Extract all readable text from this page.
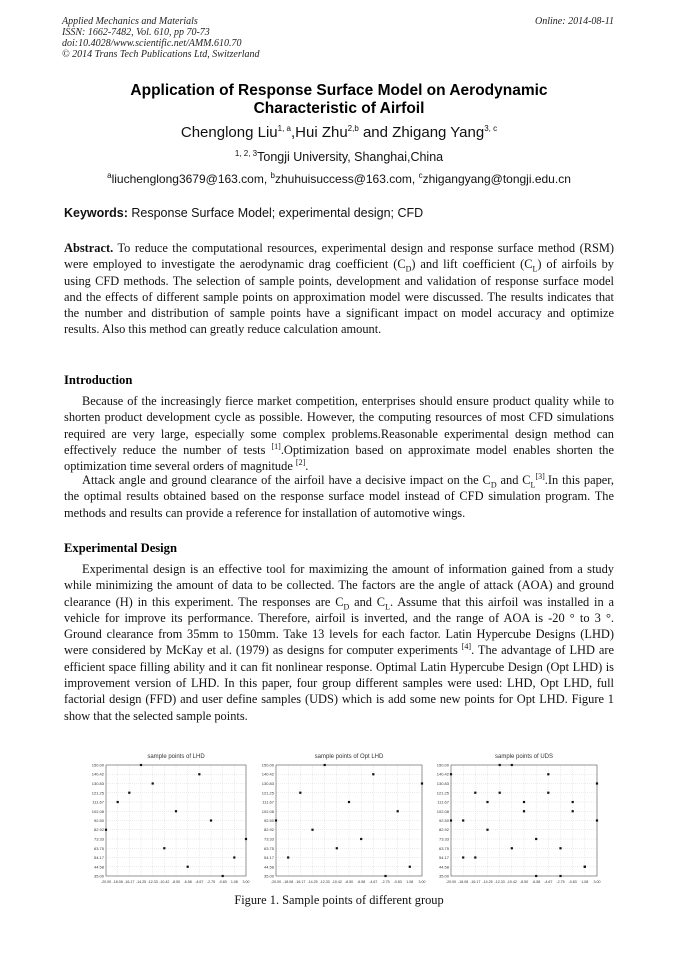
Applied Mechanics and Materials
ISSN: 1662-7482, Vol. 610, pp 70-73
doi:10.4028/www.scientific.net/AMM.610.70
© 2014 Trans Tech Publications Ltd, Switzerland
Online: 2014-08-11
Application of Response Surface Model on Aerodynamic
Characteristic of Airfoil
Chenglong Liu$^{1, a}$,Hui Zhu$^{2,b}$ and Zhigang Yang$^{3, c}$
$^{1, 2, 3}$Tongji University, Shanghai,China
$^a$liuchenglong3679@163.com, $^b$zhuhuisuccess@163.com, $^c$zhigangyang@tongji.edu.cn
Keywords: Response Surface Model; experimental design; CFD

Abstract. To reduce the computational resources, experimental design and response surface method (RSM) were employed to investigate the aerodynamic drag coefficient $(C_D)$ and lift coefficient $(C_L)$ of airfoils by using CFD methods. The selection of sample points, development and validation of response surface model and the effects of different sample points on approximation model were discussed. The results indicates that the number and distribution of sample points have a significant impact on model accuracy and optimize results. Also this method can greatly reduce calculation amount.

Introduction

Because of the increasingly fierce market competition, enterprises should ensure product quality while to shorten product development cycle as possible. However, the computing resources of most CFD simulations required are very large, especially some complex problems.Reasonable experimental design method can effectively reduce the number of tests [1].Optimization based on approximate model enables shorten the optimization time several orders of magnitude [2].

Attack angle and ground clearance of the airfoil have a decisive impact on the $C_D$ and $C_L[3].In$ this paper, the optimal results obtained based on the response surface model instead of CFD simulation program. The methods and results can provide a reference for installation of automotive wings.

Experimental Design

Experimental design is an effective tool for maximizing the amount of information gained from a study while minimizing the amount of data to be collected. The factors are the angle of attack (AOA) and ground clearance (H) in this experiment. The responses are $C_D$ and $C_L$. Assume that this airfoil was installed in a vehicle for improve its performance. Therefore, airfoil is inverted, and the range of AOA is -20 ° to 3 °. Ground clearance from 35mm to 150mm. Take 13 levels for each factor. Latin Hypercube Designs (LHD) were considered by McKay et al. (1979) as designs for computer experiments [4]. The advantage of LHD are efficient space filling ability and it can fit nonlinear response. Optimal Latin Hypercube Design (Opt LHD) is improvement version of LHD. In this paper, four group different samples were used: LHD, Opt LHD, full factorial design (FFD) and user define samples (UDS) which is add some new points for Opt LHD. Figure 1 show that the selected sample points.

sample points of LHD
-20.00 -18.08 -16.17 -14.25 -12.33 -10.42 -8.50 -6.58 -4.67 -2.75 -0.83 1.08 3.00
150.00
140.42
130.83
121.25
111.67
102.08
92.50
82.92
73.33
63.75
54.17
44.58
35.00
sample points of Opt LHD
-20.00 -18.08 -16.17 -14.25 -12.33 -10.42 -8.50 -6.58 -4.67 -2.75 -0.83 1.08 3.00
150.00
140.42
130.83
121.25
111.67
102.08
92.50
82.92
73.33
63.75
54.17
44.58
35.00
sample points of UDS
-20.00 -18.08 -16.17 -14.25 -12.33 -10.42 -8.50 -6.58 -4.67 -2.75 -0.83 1.08 3.00
150.00
140.42
130.83
121.25
111.67
102.08
92.50
82.92
73.33
63.75
54.17
44.58
35.00
Figure 1. Sample points of different group
